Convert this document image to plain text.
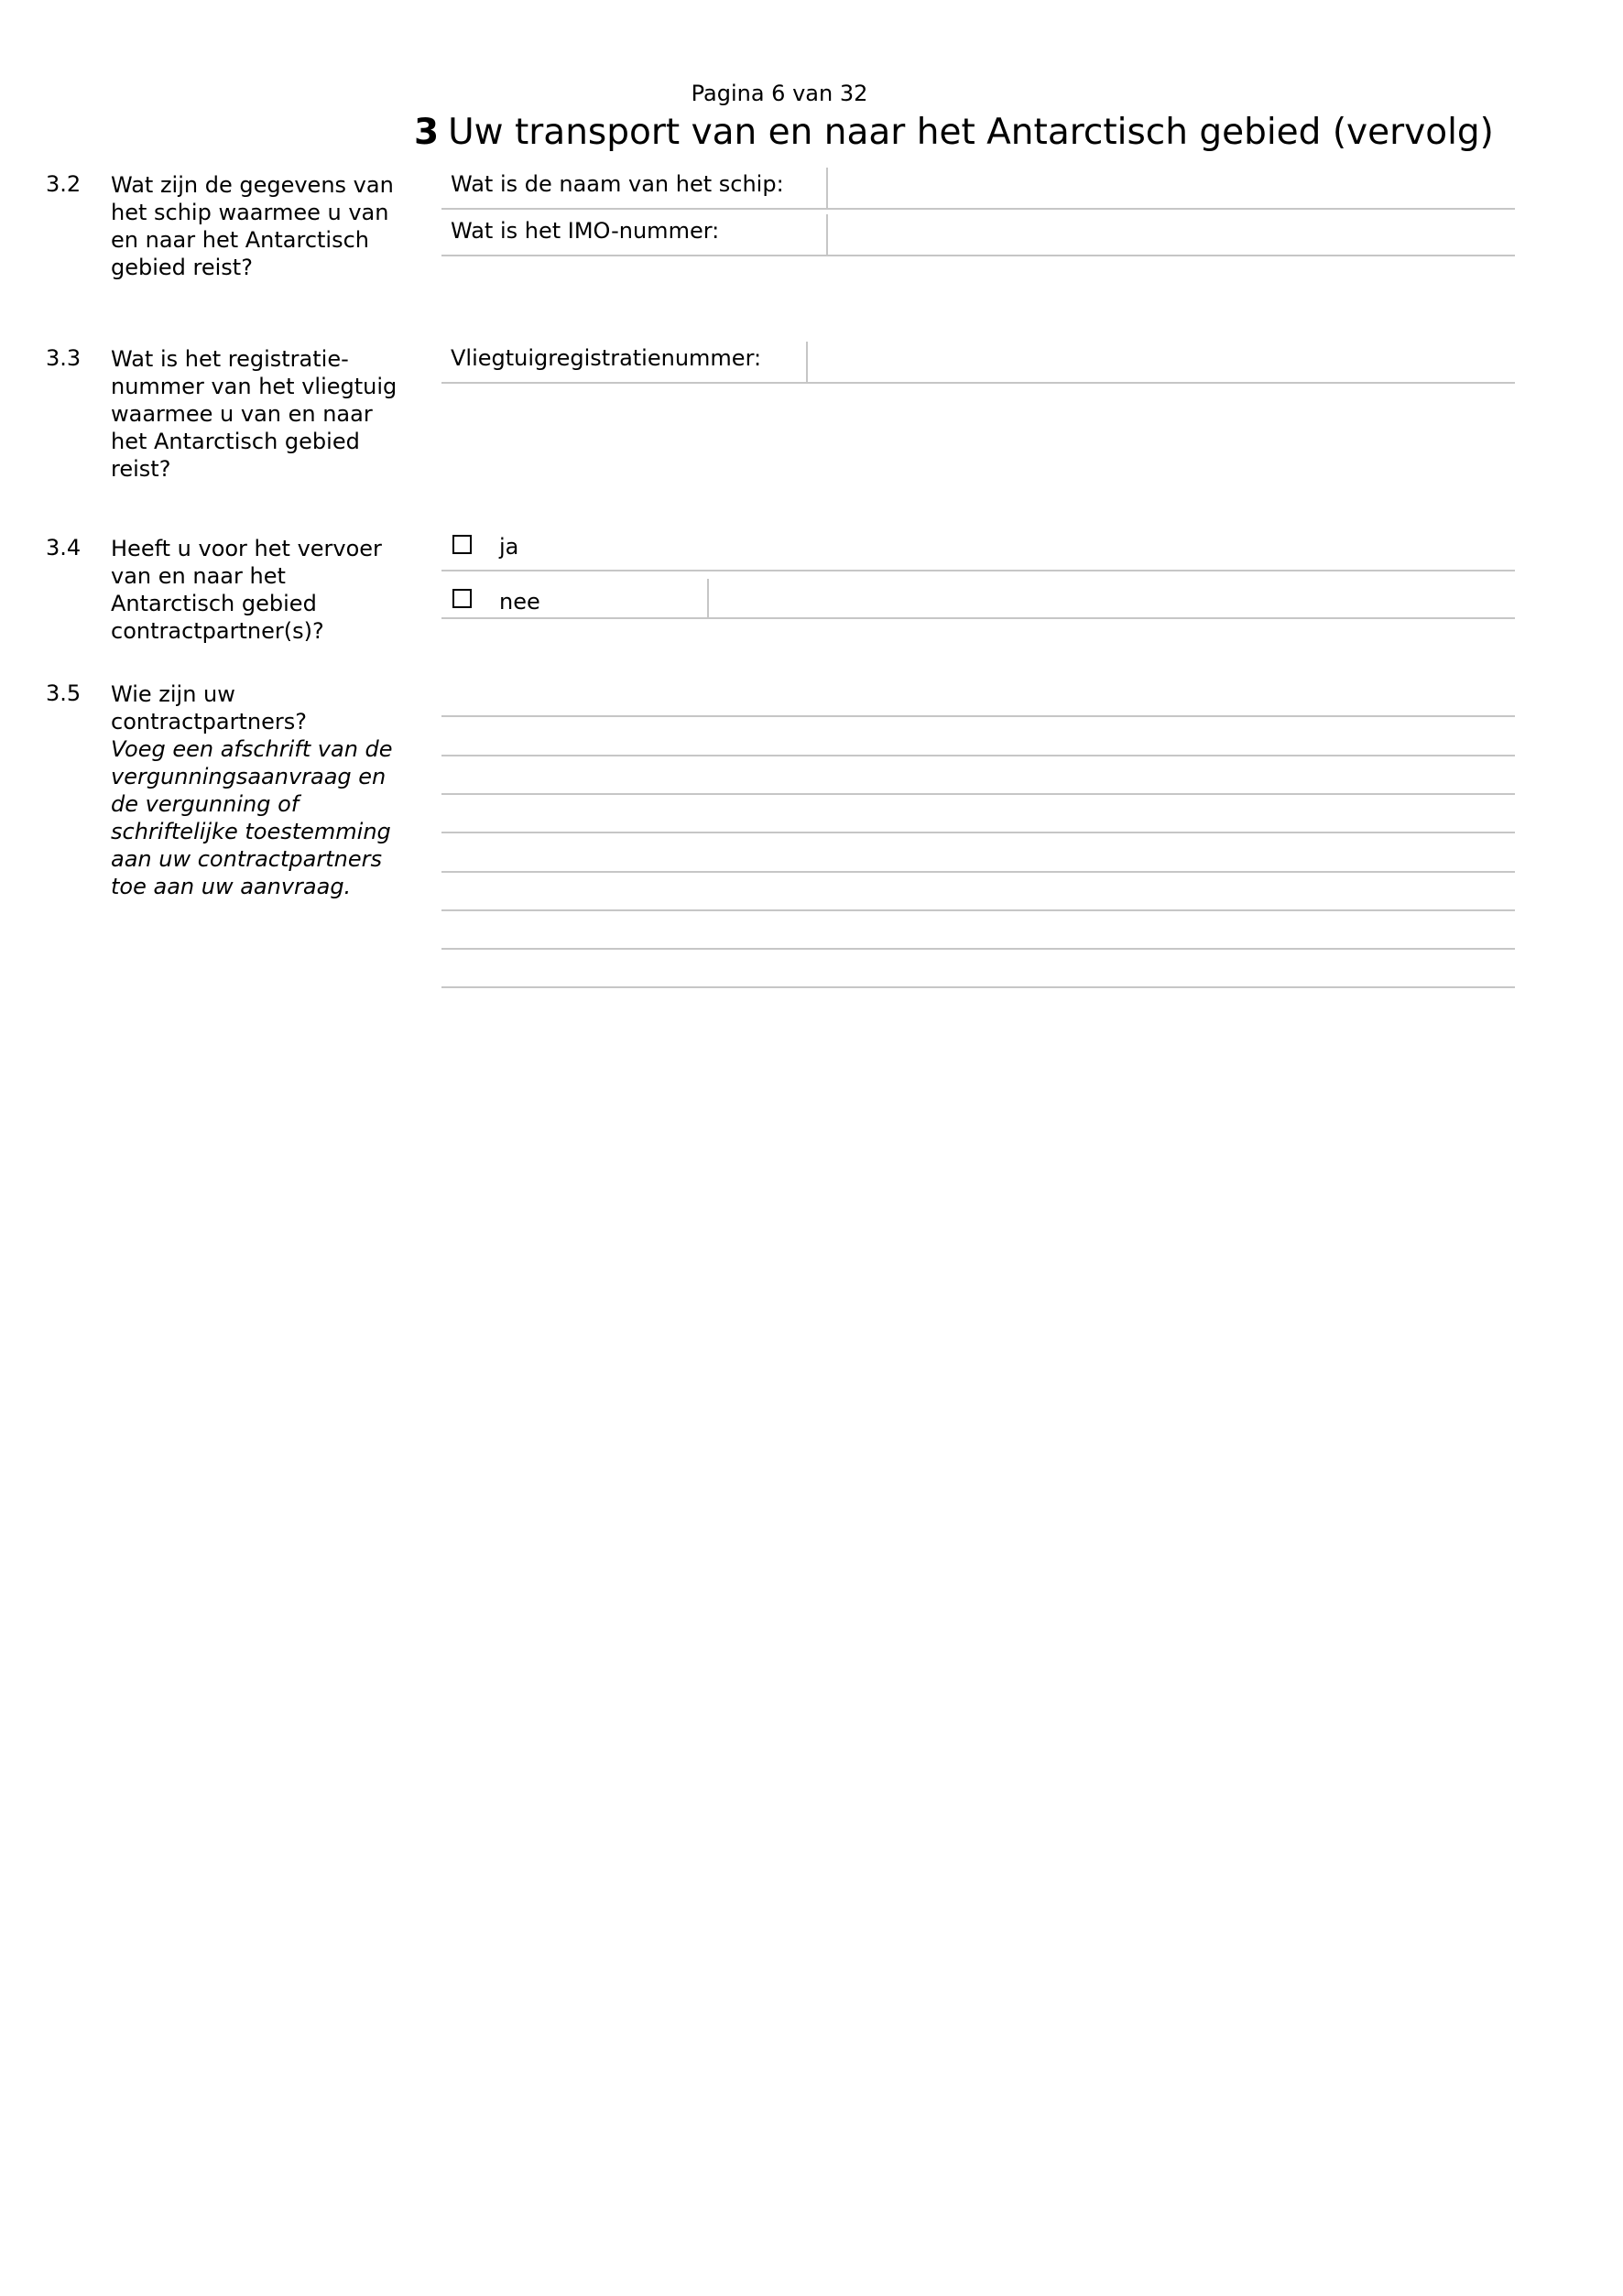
Pagina 6 van 32
3 Uw transport van en naar het Antarctisch gebied (vervolg)
3.2 Wat zijn de gegevens van het schip waarmee u van en naar het Antarctisch gebied reist?
Wat is de naam van het schip:
Wat is het IMO-nummer:
3.3 Wat is het registratie- nummer van het vliegtuig waarmee u van en naar het Antarctisch gebied reist?
Vliegtuigregistratienummer:
3.4 Heeft u voor het vervoer van en naar het Antarctisch gebied contractpartner(s)?
ja
nee
3.5 Wie zijn uw contractpartners?
Voeg een afschrift van de vergunningsaanvraag en de vergunning of schriftelijke toestemming aan uw contractpartners toe aan uw aanvraag.
